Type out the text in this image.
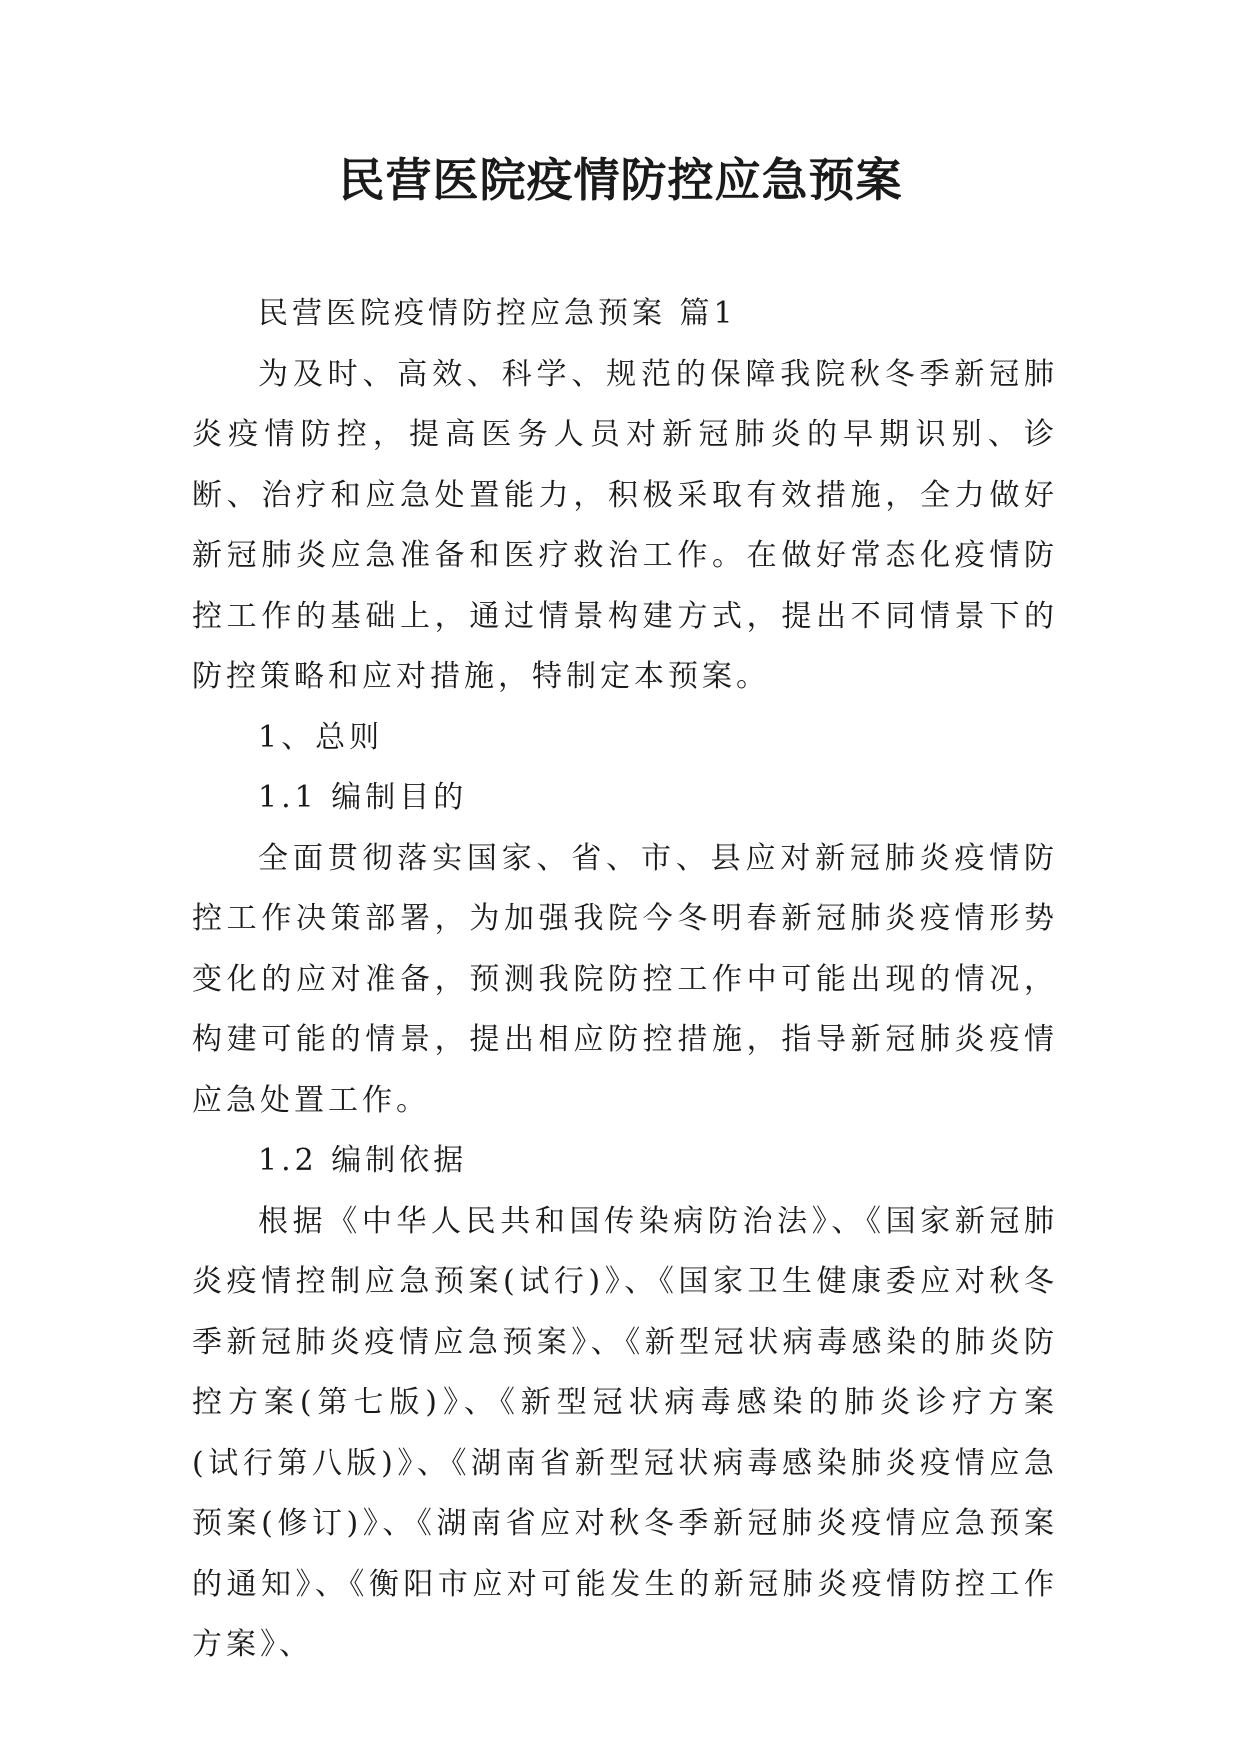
民营医院疫情防控应急预案

民营医院疫情防控应急预案 篇1

为及时、高效、科学、规范的保障我院秋冬季新冠肺炎疫情防控，提高医务人员对新冠肺炎的早期识别、诊断、治疗和应急处置能力，积极采取有效措施，全力做好新冠肺炎应急准备和医疗救治工作。在做好常态化疫情防控工作的基础上，通过情景构建方式，提出不同情景下的防控策略和应对措施，特制定本预案。

1、总则

1.1 编制目的

全面贯彻落实国家、省、市、县应对新冠肺炎疫情防控工作决策部署，为加强我院今冬明春新冠肺炎疫情形势变化的应对准备，预测我院防控工作中可能出现的情况，构建可能的情景，提出相应防控措施，指导新冠肺炎疫情应急处置工作。

1.2 编制依据

根据《中华人民共和国传染病防治法》、《国家新冠肺炎疫情控制应急预案(试行)》、《国家卫生健康委应对秋冬季新冠肺炎疫情应急预案》、《新型冠状病毒感染的肺炎防控方案(第七版)》、《新型冠状病毒感染的肺炎诊疗方案(试行第八版)》、《湖南省新型冠状病毒感染肺炎疫情应急预案(修订)》、《湖南省应对秋冬季新冠肺炎疫情应急预案的通知》、《衡阳市应对可能发生的新冠肺炎疫情防控工作方案》、
